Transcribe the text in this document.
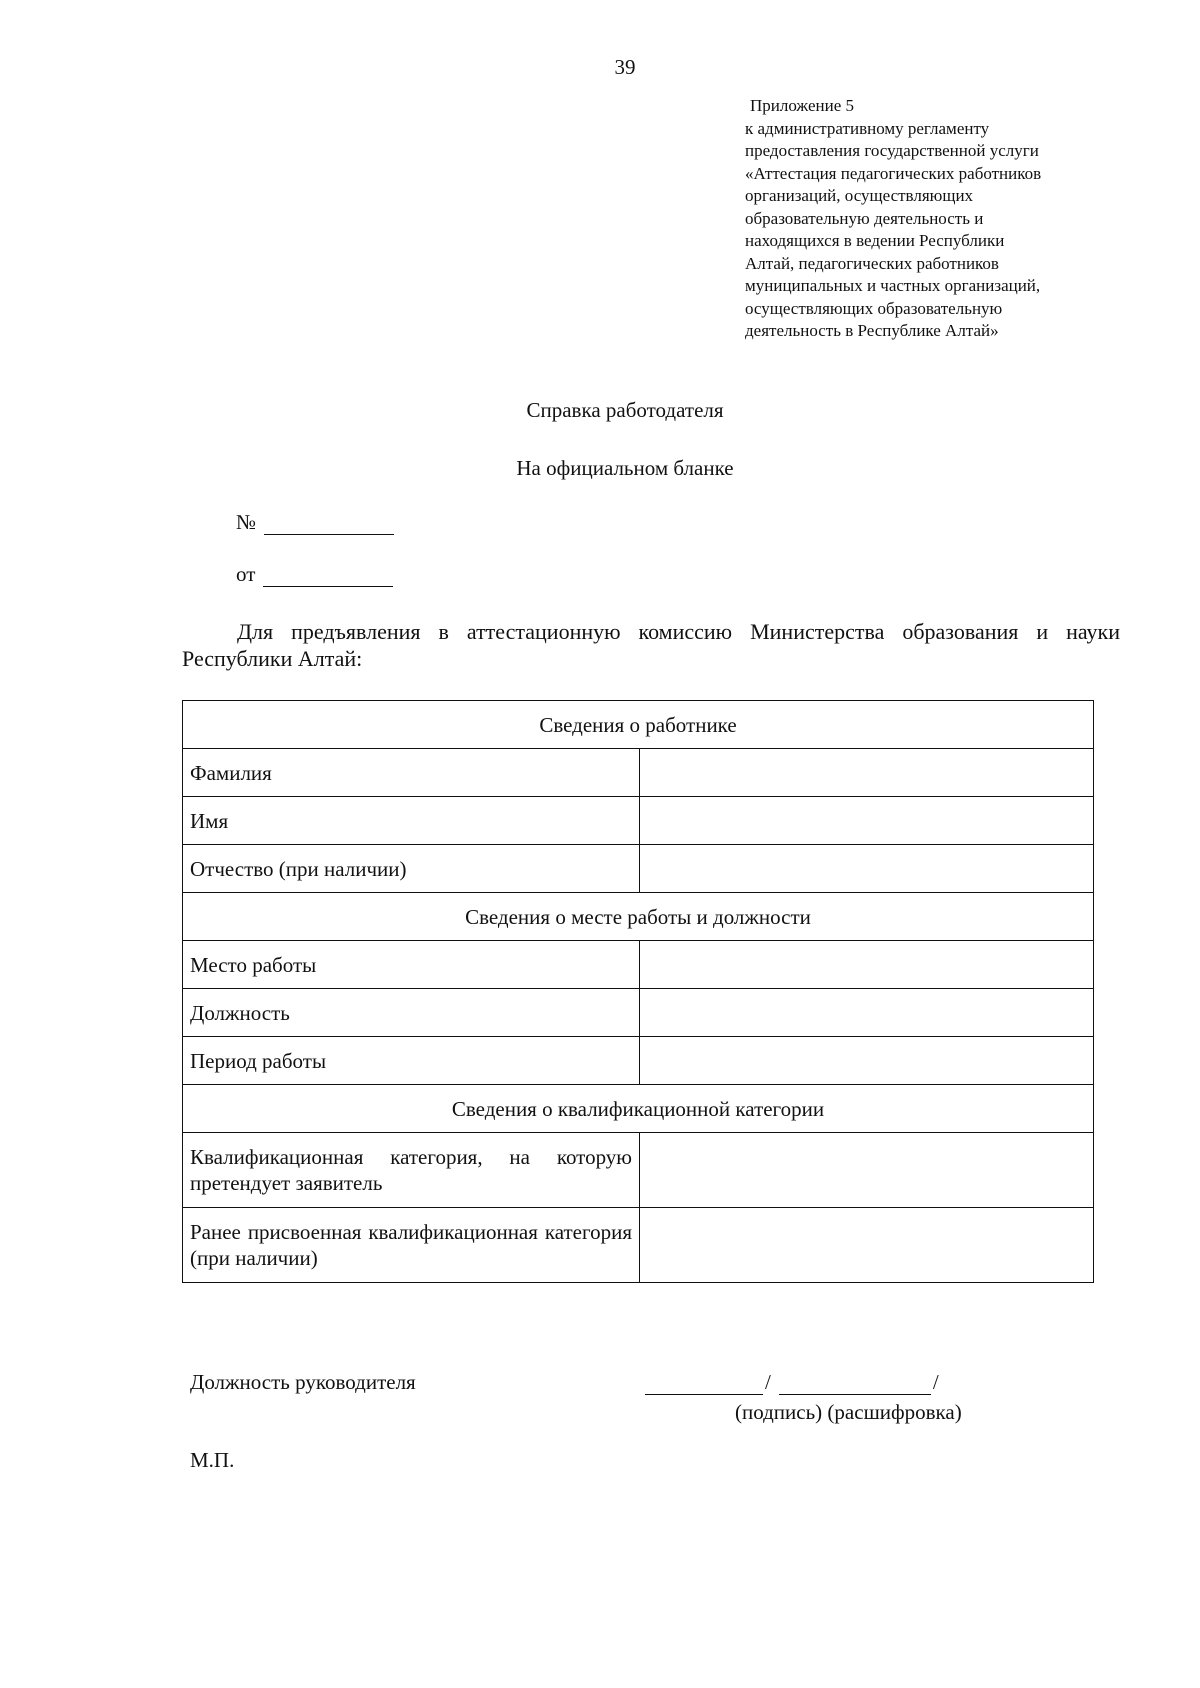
39
Приложение 5
к административному регламенту
предоставления государственной услуги
«Аттестация педагогических работников
организаций, осуществляющих
образовательную деятельность и
находящихся в ведении Республики
Алтай, педагогических работников
муниципальных и частных организаций,
осуществляющих образовательную
деятельность в Республике Алтай»
Справка работодателя
На официальном бланке
№
от
Для предъявления в аттестационную комиссию Министерства образования и науки Республики Алтай:
Сведения о работнике	
Фамилия	
Имя	
Отчество (при наличии)	
Сведения о месте работы и должности	
Место работы	
Должность	
Период работы	
Сведения о квалификационной категории	
Квалификационная категория, на которую претендует заявитель	
Ранее присвоенная квалификационная категория (при наличии)	
Должность руководителя	/	/
(подпись) (расшифровка)
М.П.
